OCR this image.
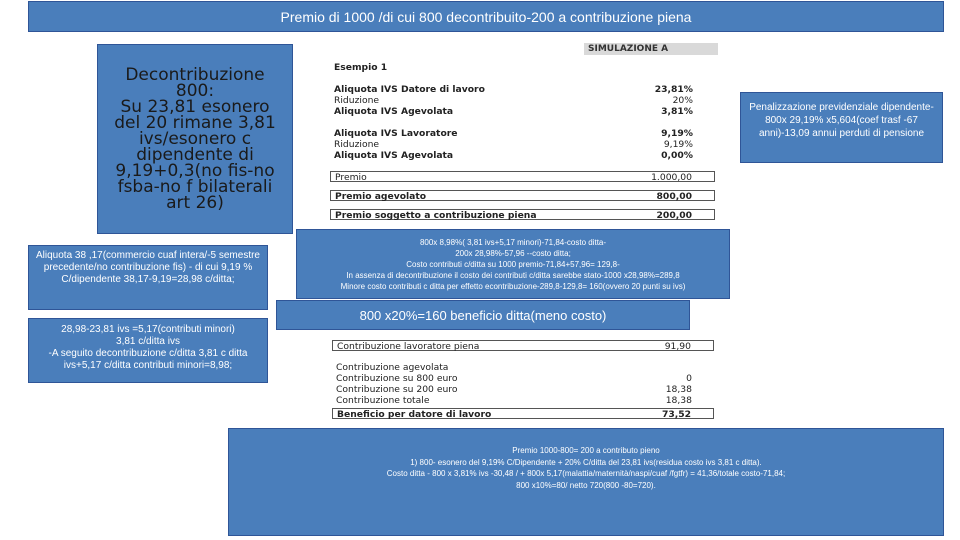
Premio di 1000 /di cui 800 decontribuito-200 a contribuzione piena
SIMULAZIONE A
Esempio 1
Aliquota IVS Datore di lavoro	23,81%
Riduzione	20%
Aliquota IVS Agevolata	3,81%
Aliquota IVS Lavoratore	9,19%
Riduzione	9,19%
Aliquota IVS Agevolata	0,00%
Premio	1.000,00
Premio agevolato	800,00
Premio soggetto a contribuzione piena	200,00
Decontribuzione
800:
Su 23,81 esonero
del 20 rimane 3,81
ivs/esonero c
dipendente di
9,19+0,3(no fis-no
fsba-no f bilaterali
art 26)
Penalizzazione previdenziale dipendente-800x 29,19% x5,604(coef trasf -67 anni)-13,09 annui perduti di pensione
800x 8,98%( 3,81 ivs+5,17 minori)-71,84-costo ditta-
200x 28,98%-57,96 --costo ditta;
Costo contributi c/ditta su 1000 premio-71,84+57,96= 129,8-
In assenza di decontribuzione il costo dei contributi c/ditta sarebbe stato-1000 x28,98%=289,8
Minore costo contributi c ditta per effetto econtribuzione-289,8-129,8= 160(ovvero 20 punti su ivs)
800 x20%=160 beneficio ditta(meno costo)
Aliquota 38 ,17(commercio cuaf intera/-5 semestre precedente/no contribuzione fis) - di cui 9,19 % C/dipendente 38,17-9,19=28,98 c/ditta;
28,98-23,81 ivs =5,17(contributi minori)
3,81 c/ditta ivs
-A seguito decontribuzione c/ditta 3,81 c ditta
ivs+5,17 c/ditta contributi minori=8,98;
Contribuzione lavoratore piena	91,90
Contribuzione agevolata
Contribuzione su 800 euro	0
Contribuzione su 200 euro	18,38
Contribuzione totale	18,38
Beneficio per datore di lavoro	73,52
Premio 1000-800= 200 a contributo pieno
1) 800- esonero del 9,19% C/Dipendente + 20% C/ditta del 23,81 ivs(residua costo ivs 3,81 c ditta).
Costo ditta - 800 x 3,81% ivs -30,48 / + 800x 5,17(malattia/maternità/naspi/cuaf /fgtfr) = 41,36/totale costo-71,84;
800 x10%=80/ netto 720(800 -80=720).
